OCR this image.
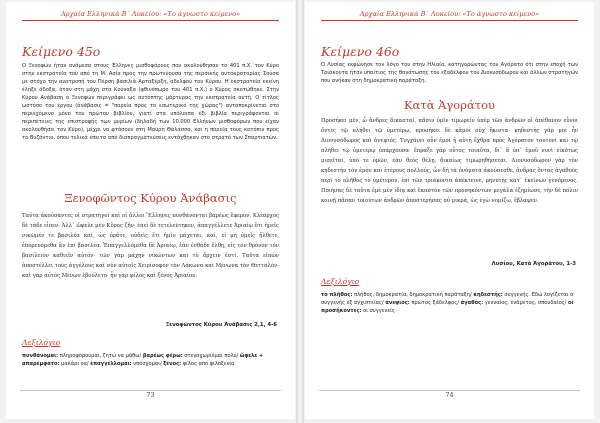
Αρχαία Ελληνικά Β΄ Λυκείου: «Το άγνωστο κείμενο»
Κείμενο 45ο
Ο Ξενοφών ήταν ανάμεσα στους Έλληνες μισθοφόρους που ακολούθησαν το 401 π.Χ. τον Κύρο στην εκστρατεία του από τη Μ. Ασία προς την πρωτεύουσα της περσικής αυτοκρατορίας Σούσα με στόχο την ανατροπή του Πέρση βασιλιά Αρταξέρξη, αδελφού του Κύρου. Η εκστρατεία εκείνη έληξε άδοξα, όταν στη μάχη στα Κούναξα (φθινόπωρο του 401 π.Χ.) ο Κύρος σκοτώθηκε. Στην Κύρου Ανάβαση ο Ξενοφών περιγράφει ως αυτόπτης μάρτυρας την εκστρατεία αυτή. Ο τίτλος ωστόσο του έργου (ἀνάβασις = "πορεία προς το εσωτερικό της χώρας") ανταποκρίνεται στο περιεχόμενο μόνο του πρώτου βιβλίου, γιατί στα υπόλοιπα έξι βιβλία περιγράφονται οι περιπέτειες της επιστροφής των μυρίων (δηλαδή των 10.000 Ελλήνων μισθοφόρων που είχαν ακολουθήσει τον Κύρο), μέχρι να φτάσουν στη Μαύρη Θάλασσα, και η πορεία τους κατόπιν προς το Βυζάντιο, όπου τελικά έπειτα από διαπραγματεύσεις εντάχθηκαν στο στρατό των Σπαρτιατών.
Ξενοφῶντος Κύρου Ἀνάβασις
Ταῦτα ἀκούσαντες οἱ στρατηγοὶ καὶ οἱ ἄλλοι Ἕλληνες πυνθάνονται βαρέως ἔφερον. Κλέαρχος δὲ τάδε εἶπεν· Ἀλλ᾽ ὤφελε μὲν Κῦρος ζῆν· ἐπεὶ δὲ τετελεύτηκεν, ἀπαγγέλλετε Ἀριαίῳ ὅτι ἡμεῖς νικῶμέν τε βασιλέα καί, ὡς ὁρᾶτε, οὐδεὶς ἔτι ἡμῖν μάχεται, καί, εἰ μὴ ὑμεῖς ἤλθετε, ἐπορευόμεθα ἂν ἐπὶ βασιλέα. Ἐπαγγελλόμεθα δὲ Ἀριαίῳ, ἐὰν ἐνθάδε ἔλθῃ, εἰς τὸν θρόνον τὸν βασίλειον καθιεῖν αὐτόν· τῶν γὰρ μάχην νικώντων καὶ τὸ ἄρχειν ἐστί. Ταῦτα εἰπὼν ἀποστέλλει τοὺς ἀγγέλους καὶ σὺν αὐτοῖς Χειρίσοφον τὸν Λάκωνα καὶ Μένωνα τὸν Θετταλόν· καὶ γὰρ αὐτὸς Μένων ἐβούλετο· ἦν γὰρ φίλος καὶ ξένος Ἀριαίου.
Ξενοφῶντος Κύρου Ἀνάβασις 2,1, 4-6
Λεξιλόγιο
πυνθάνομαι: πληροφορούμαι, ζητώ να μάθω/ βαρέως φέρω: στεναχωριέμαι πολύ/ ὤφελε + απαρέμφατο: μακάρι να/ ἐπαγγέλλομαι: υπόσχομαι/ ξένος: φίλος από φιλοξενία
73
Αρχαία Ελληνικά Β΄ Λυκείου: «Το άγνωστο κείμενο»
Κείμενο 46ο
Ο Λυσίας εκφώνησε τον λόγο του στην Ηλιαία, κατηγορώντας τον Αγόρατο ότι στην εποχή των Τριάκοντα ήταν υπαίτιος της θανάτωσης του εξαδέλφου του Διονυσόδωρου και άλλων στρατηγών που ανήκαν στη δημοκρατική παράταξη.
Κατὰ Ἀγοράτου
Προσήκει μέν, ὦ ἄνδρες δικασταί, πᾶσιν ὑμῖν τιμωρεῖν ὑπὲρ τῶν ἀνδρῶν οἳ ἀπέθανον εὖνοι ὄντες τῷ πλήθει τῷ ὑμετέρῳ, προσήκει δὲ κἀμοὶ οὐχ ἥκιστα· κηδεστὴς γάρ μοι ἦν Διονυσόδωρος καὶ ἀνεψιός. Τυγχάνει οὖν ἐμοὶ ἡ αὐτὴ ἔχθρα πρὸς Ἀγόρατον τουτονὶ καὶ τῷ πλήθει τῷ ὑμετέρῳ ὑπάρχουσα· ἔπραξε γὰρ οὗτος τοιαῦτα, δι᾽ ἃ ὑπ᾽ ἐμοῦ νυνὶ εἰκότως μισεῖται, ὑπὸ τε ὑμῶν, ἐὰν θεὸς θέλῃ, δικαίως τιμωρηθήσεται. Διονυσόδωρον γὰρ τὸν κηδεστὴν τὸν ἐμὸν καὶ ἑτέρους πολλούς, ὧν δὴ τὰ ὀνόματα ἀκούσεσθε, ἄνδρας ὄντας ἀγαθοὺς περὶ τὸ πλῆθος τὸ ὑμέτερον, ἐπὶ τῶν τριάκοντα ἀπέκτεινε, μηνυτὴς κατ᾽ ἐκείνων γενόμενος. Ποιήσας δὲ ταῦτα ἐμὲ μὲν ἰδίᾳ καὶ ἕκαστον τῶν προσηκόντων μεγάλα ἐζημίωσε, τὴν δὲ πόλιν κοινῇ πᾶσαν τοιούτων ἀνδρῶν ἀποστερήσας οὐ μικρά, ὡς ἐγὼ νομίζω, ἔβλαψεν.
Λυσίου, Κατὰ Ἀγοράτου, 1-3
Λεξιλόγιο
τὸ πλῆθος: πλήθος, δημοκρατία, δημοκρατική παράταξη/ κηδεστής: συγγενής. Εδώ λογίζεται ο συγγενής εξ αγχιστείας/ ἀνεψιός: πρώτος ξάδελφος/ ἀγαθός: γενναίος, ενάρετος, σπουδαίος/ οἱ προσήκοντες: οι συγγενείς
74
